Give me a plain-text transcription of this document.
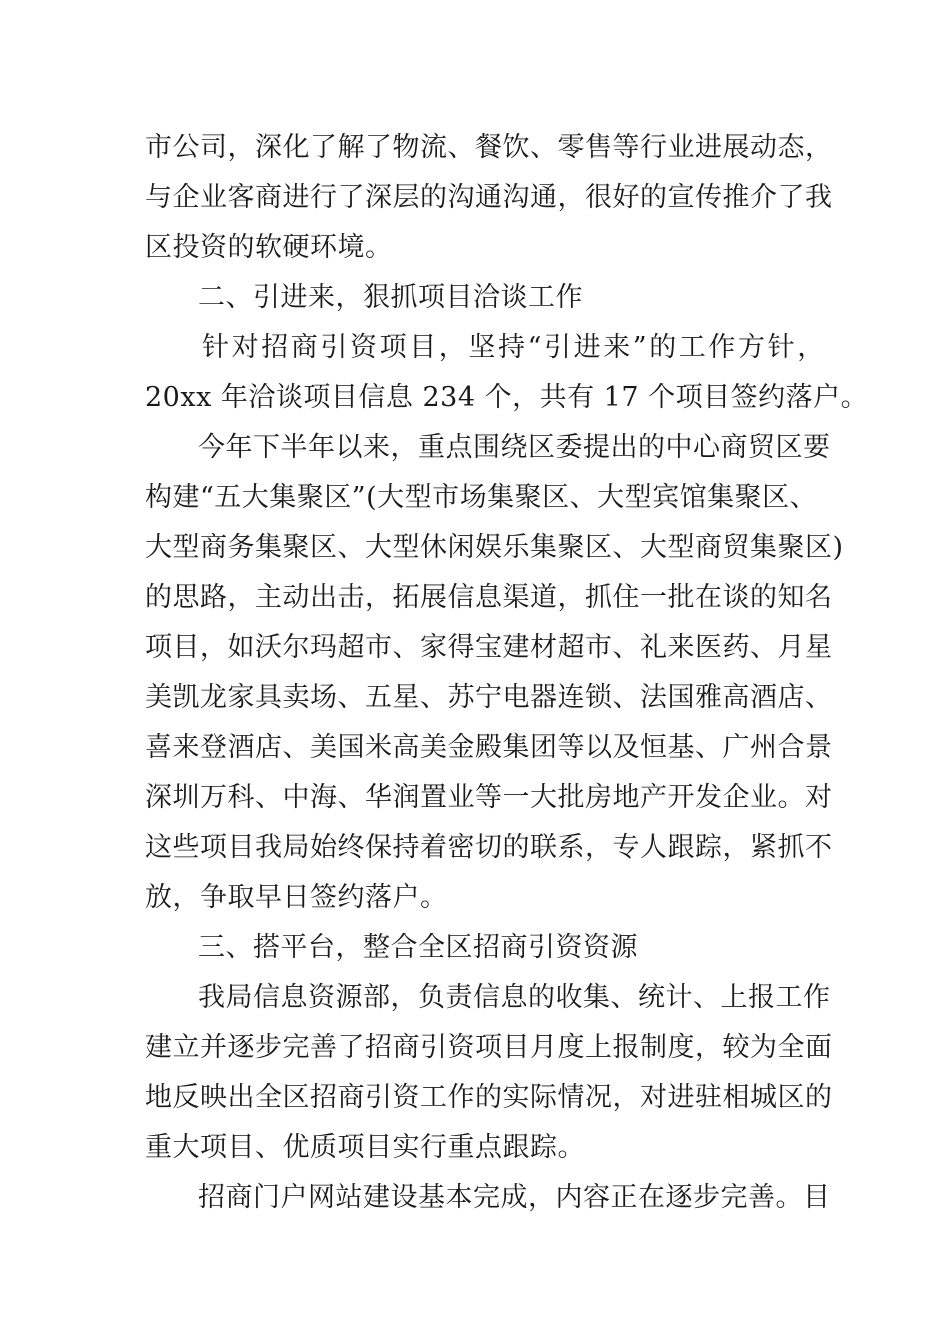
市公司，深化了解了物流、餐饮、零售等行业进展动态，
与企业客商进行了深层的沟通沟通，很好的宣传推介了我
区投资的软硬环境。
二、引进来，狠抓项目洽谈工作
针对招商引资项目，坚持“引进来”的工作方针，
20xx 年洽谈项目信息 234 个，共有 17 个项目签约落户。
今年下半年以来，重点围绕区委提出的中心商贸区要
构建“五大集聚区”(大型市场集聚区、大型宾馆集聚区、
大型商务集聚区、大型休闲娱乐集聚区、大型商贸集聚区)
的思路，主动出击，拓展信息渠道，抓住一批在谈的知名
项目，如沃尔玛超市、家得宝建材超市、礼来医药、月星
美凯龙家具卖场、五星、苏宁电器连锁、法国雅高酒店、
喜来登酒店、美国米高美金殿集团等以及恒基、广州合景
深圳万科、中海、华润置业等一大批房地产开发企业。对
这些项目我局始终保持着密切的联系，专人跟踪，紧抓不
放，争取早日签约落户。
三、搭平台，整合全区招商引资资源
我局信息资源部，负责信息的收集、统计、上报工作
建立并逐步完善了招商引资项目月度上报制度，较为全面
地反映出全区招商引资工作的实际情况，对进驻相城区的
重大项目、优质项目实行重点跟踪。
招商门户网站建设基本完成，内容正在逐步完善。目
